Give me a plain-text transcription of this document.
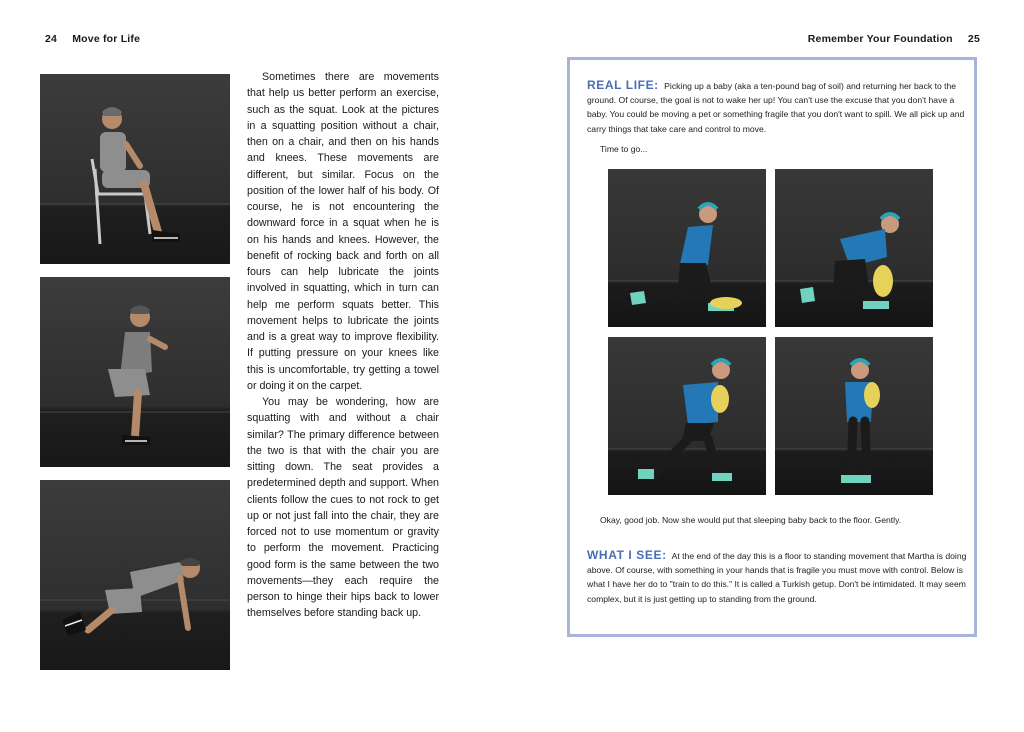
24 Move for Life	Remember Your Foundation 25

Sometimes there are movements that help us better perform an exercise, such as the squat. Look at the pictures in a squatting position without a chair, then on a chair, and then on his hands and knees. These movements are different, but similar. Focus on the position of the lower half of his body. Of course, he is not encountering the downward force in a squat when he is on his hands and knees. However, the benefit of rocking back and forth on all fours can help lubricate the joints involved in squatting, which in turn can help me perform squats better. This movement helps to lubricate the joints and is a great way to improve flexibility. If putting pressure on your knees like this is uncomfortable, try getting a towel or doing it on the carpet.

You may be wondering, how are squatting with and without a chair similar? The primary difference between the two is that with the chair you are sitting down. The seat provides a predetermined depth and support. When clients follow the cues to not rock to get up or not just fall into the chair, they are forced not to use momentum or gravity to perform the movement. Practicing good form is the same between the two movements—they each require the person to hinge their hips back to lower themselves before standing back up.

REAL LIFE: Picking up a baby (aka a ten-pound bag of soil) and returning her back to the ground. Of course, the goal is not to wake her up! You can't use the excuse that you don't have a baby. You could be moving a pet or something fragile that you don't want to spill. We all pick up and carry things that take care and control to move.
Time to go...
Okay, good job. Now she would put that sleeping baby back to the floor. Gently.
WHAT I SEE: At the end of the day this is a floor to standing movement that Martha is doing above. Of course, with something in your hands that is fragile you must move with control. Below is what I have her do to "train to do this." It is called a Turkish getup. Don't be intimidated. It may seem complex, but it is just getting up to standing from the ground.
